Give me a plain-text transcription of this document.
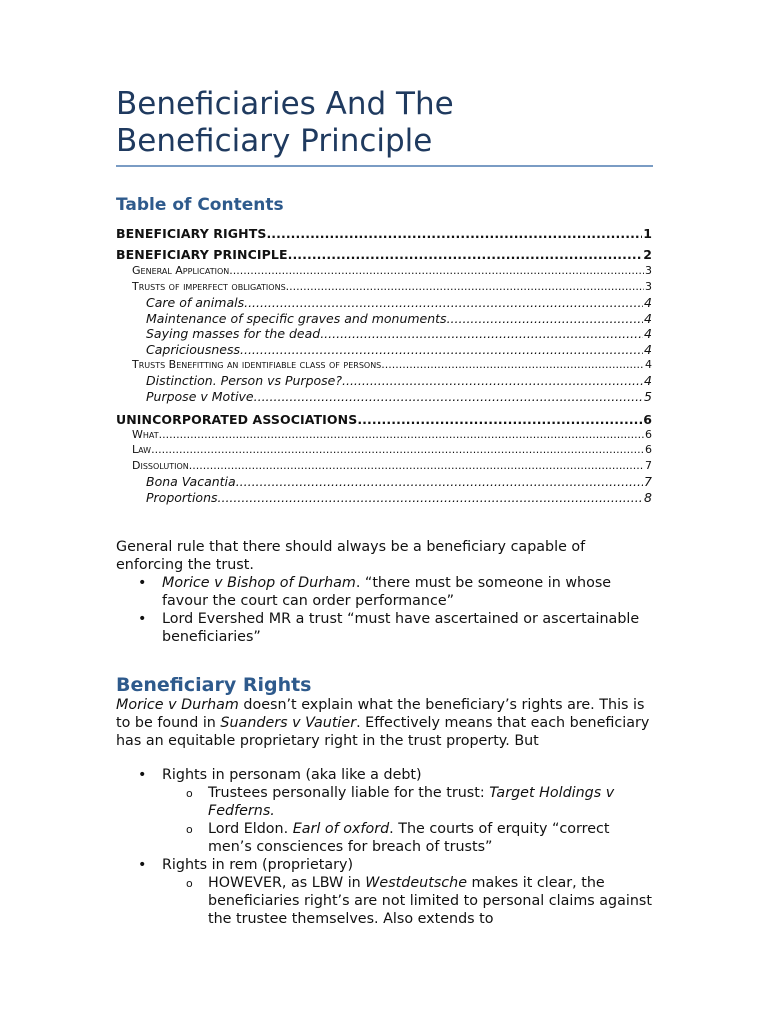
Beneficiaries And The
Beneficiary Principle
Table of Contents
BENEFICIARY RIGHTS .....	1
BENEFICIARY PRINCIPLE .....	2
General Application .....	3
Trusts of imperfect obligations .....	3
Care of animals .....	4
Maintenance of specific graves and monuments .....	4
Saying masses for the dead .....	4
Capriciousness .....	4
Trusts Benefitting an identifiable class of persons .....	4
Distinction. Person vs Purpose? .....	4
Purpose v Motive .....	5
UNINCORPORATED ASSOCIATIONS .....	6
What .....	6
Law .....	6
Dissolution .....	7
Bona Vacantia .....	7
Proportions .....	8
General rule that there should always be a beneficiary capable of enforcing the trust.
• Morice v Bishop of Durham. “there must be someone in whose favour the court can order performance”
• Lord Evershed MR a trust “must have ascertained or ascertainable beneficiaries”
Beneficiary Rights
Morice v Durham doesn’t explain what the beneficiary’s rights are. This is to be found in Suanders v Vautier. Effectively means that each beneficiary has an equitable proprietary right in the trust property. But
• Rights in personam (aka like a debt)
o Trustees personally liable for the trust: Target Holdings v Fedferns.
o Lord Eldon. Earl of oxford. The courts of erquity “correct men’s consciences for breach of trusts”
• Rights in rem (proprietary)
o HOWEVER, as LBW in Westdeutsche makes it clear, the beneficiaries right’s are not limited to personal claims against the trustee themselves. Also extends to
